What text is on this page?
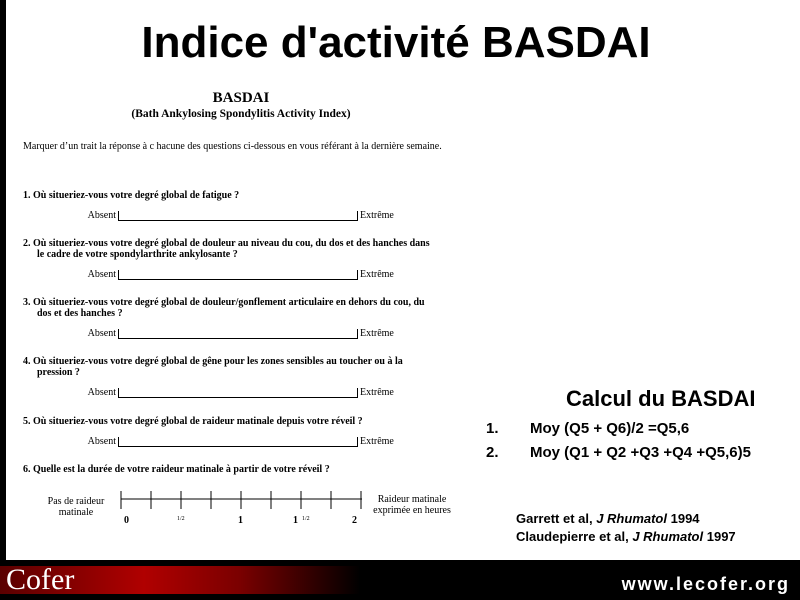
Indice d'activité BASDAI
BASDAI
(Bath Ankylosing Spondylitis Activity Index)
Marquer d’un trait la réponse à c hacune des questions ci-dessous en vous référant à la dernière semaine.
1. Où situeriez-vous votre degré global de fatigue ?
Absent	Extrême
2. Où situeriez-vous votre degré global de douleur au niveau du cou, du dos et des hanches dans
le cadre de votre spondylarthrite ankylosante ?
Absent	Extrême
3. Où situeriez-vous votre degré global de douleur/gonflement articulaire en dehors du cou, du
dos et des hanches ?
Absent	Extrême
4. Où situeriez-vous votre degré global de gêne pour les zones sensibles au toucher ou à la
pression ?
Absent	Extrême
5. Où situeriez-vous votre degré global de raideur matinale depuis votre réveil ?
Absent	Extrême
6. Quelle est la durée de votre raideur matinale à partir de votre réveil ?
Pas de raideur matinale
0	1/2	1	1 1/2	2
Raideur matinale exprimée en heures
Calcul du BASDAI
1. Moy (Q5 + Q6)/2 =Q5,6
2. Moy (Q1 + Q2 +Q3 +Q4 +Q5,6)5
Garrett et al, J Rhumatol 1994
Claudepierre et al, J Rhumatol 1997
Cofer	www.lecofer.org
